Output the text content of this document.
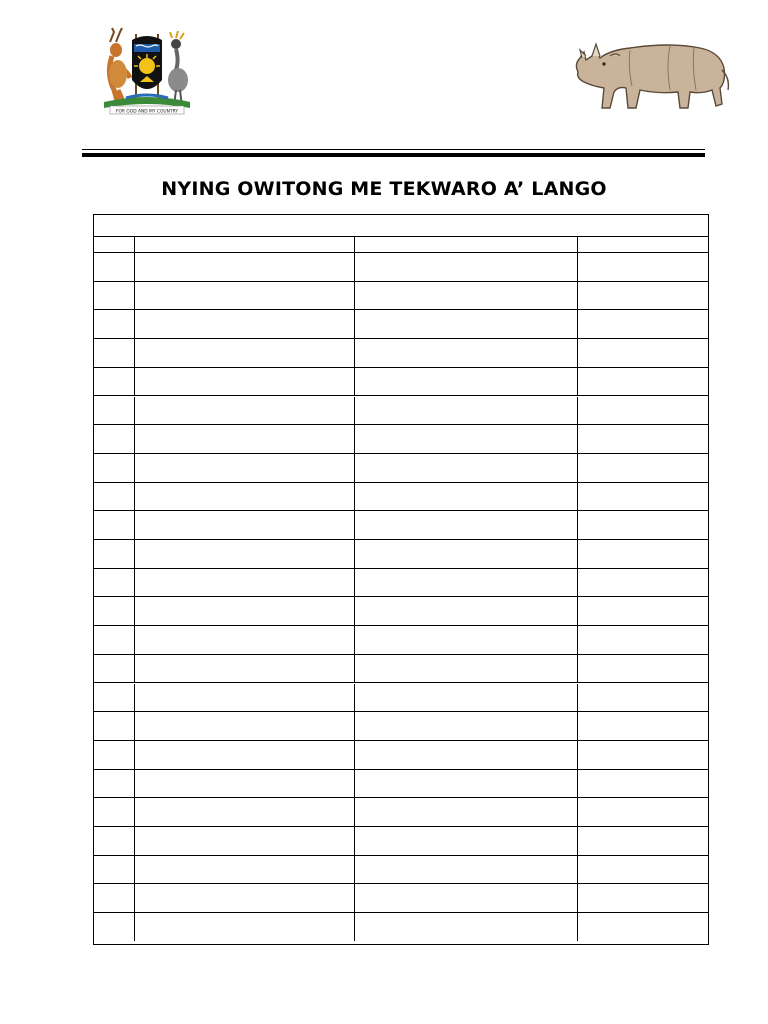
FOR GOD AND MY COUNTRY
NYING OWITONG ME TEKWARO A’ LANGO
